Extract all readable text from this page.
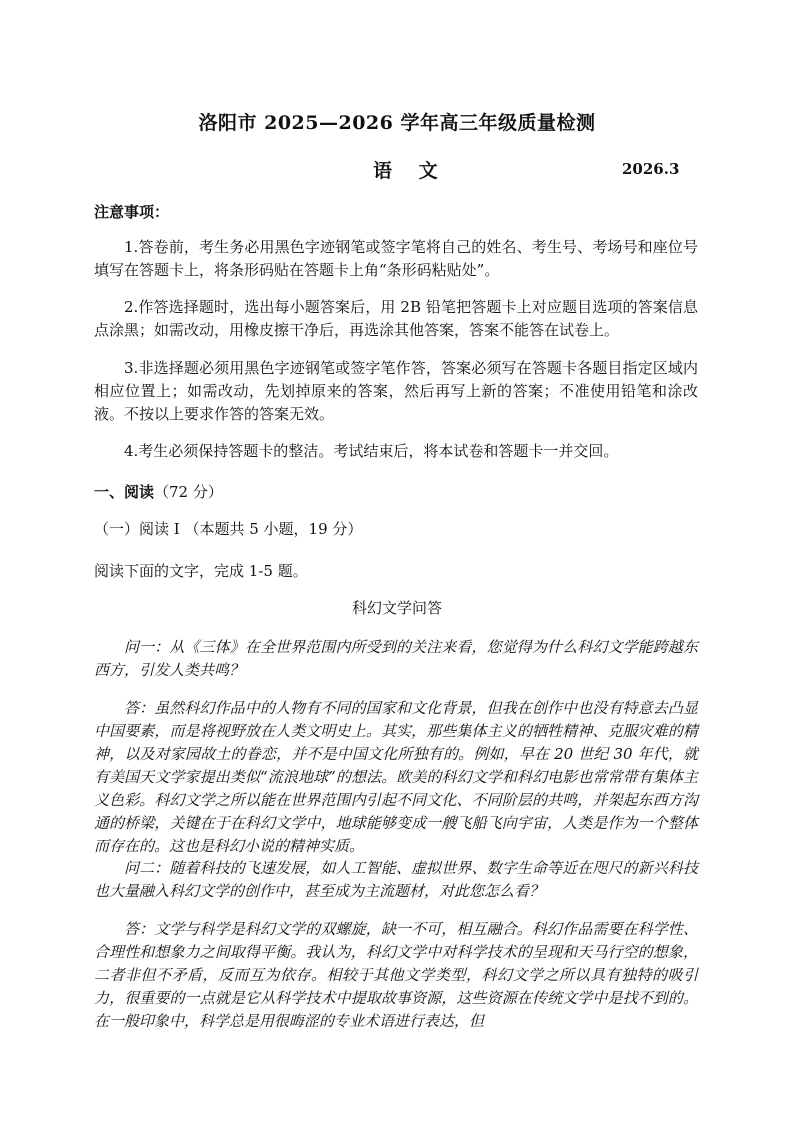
洛阳市 2025—2026 学年高三年级质量检测
语 文	2026.3
注意事项：
1.答卷前，考生务必用黑色字迹钢笔或签字笔将自己的姓名、考生号、考场号和座位号填写在答题卡上，将条形码贴在答题卡上角“条形码粘贴处”。
2.作答选择题时，选出每小题答案后，用 2B 铅笔把答题卡上对应题目选项的答案信息点涂黑；如需改动，用橡皮擦干净后，再选涂其他答案，答案不能答在试卷上。
3.非选择题必须用黑色字迹钢笔或签字笔作答，答案必须写在答题卡各题目指定区域内相应位置上；如需改动，先划掉原来的答案，然后再写上新的答案；不准使用铅笔和涂改液。不按以上要求作答的答案无效。
4.考生必须保持答题卡的整洁。考试结束后，将本试卷和答题卡一并交回。
一、阅读（72 分）
（一）阅读 I （本题共 5 小题，19 分）
阅读下面的文字，完成 1-5 题。
科幻文学问答
问一：从《三体》在全世界范围内所受到的关注来看，您觉得为什么科幻文学能跨越东西方，引发人类共鸣？
答：虽然科幻作品中的人物有不同的国家和文化背景，但我在创作中也没有特意去凸显中国要素，而是将视野放在人类文明史上。其实，那些集体主义的牺牲精神、克服灾难的精神，以及对家园故土的眷恋，并不是中国文化所独有的。例如，早在 20 世纪 30 年代，就有美国天文学家提出类似“流浪地球”的想法。欧美的科幻文学和科幻电影也常常带有集体主义色彩。科幻文学之所以能在世界范围内引起不同文化、不同阶层的共鸣，并架起东西方沟通的桥梁，关键在于在科幻文学中，地球能够变成一艘飞船飞向宇宙，人类是作为一个整体而存在的。这也是科幻小说的精神实质。
问二：随着科技的飞速发展，如人工智能、虚拟世界、数字生命等近在咫尺的新兴科技也大量融入科幻文学的创作中，甚至成为主流题材，对此您怎么看？
答：文学与科学是科幻文学的双螺旋，缺一不可，相互融合。科幻作品需要在科学性、合理性和想象力之间取得平衡。我认为，科幻文学中对科学技术的呈现和天马行空的想象，二者非但不矛盾，反而互为依存。相较于其他文学类型，科幻文学之所以具有独特的吸引力，很重要的一点就是它从科学技术中提取故事资源，这些资源在传统文学中是找不到的。在一般印象中，科学总是用很晦涩的专业术语进行表达，但
